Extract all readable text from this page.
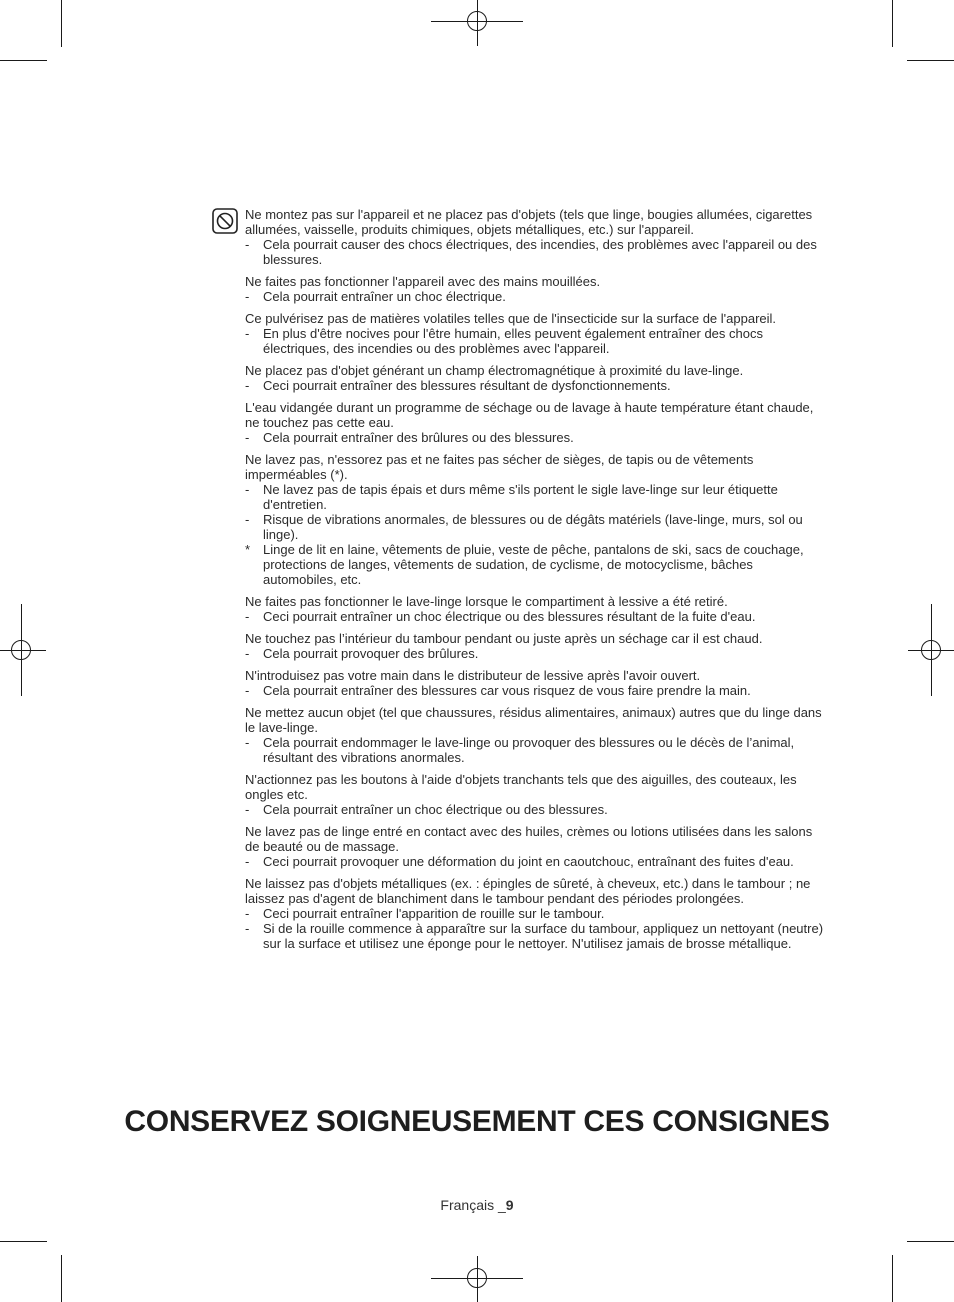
Ne montez pas sur l'appareil et ne placez pas d'objets (tels que linge, bougies allumées, cigarettes allumées, vaisselle, produits chimiques, objets métalliques, etc.) sur l'appareil.
-	Cela pourrait causer des chocs électriques, des incendies, des problèmes avec l'appareil ou des blessures.
Ne faites pas fonctionner l'appareil avec des mains mouillées.
-	Cela pourrait entraîner un choc électrique.
Ce pulvérisez pas de matières volatiles telles que de l'insecticide sur la surface de l'appareil.
-	En plus d'être nocives pour l'être humain, elles peuvent également entraîner des chocs électriques, des incendies ou des problèmes avec l'appareil.
Ne placez pas d'objet générant un champ électromagnétique à proximité du lave-linge.
-	Ceci pourrait entraîner des blessures résultant de dysfonctionnements.
L'eau vidangée durant un programme de séchage ou de lavage à haute température étant chaude, ne touchez pas cette eau.
-	Cela pourrait entraîner des brûlures ou des blessures.
Ne lavez pas, n'essorez pas et ne faites pas sécher de sièges, de tapis ou de vêtements imperméables (*).
-	Ne lavez pas de tapis épais et durs même s'ils portent le sigle lave-linge sur leur étiquette d'entretien.
-	Risque de vibrations anormales, de blessures ou de dégâts matériels (lave-linge, murs, sol ou linge).
* Linge de lit en laine, vêtements de pluie, veste de pêche, pantalons de ski, sacs de couchage, protections de langes, vêtements de sudation, de cyclisme, de motocyclisme, bâches automobiles, etc.
Ne faites pas fonctionner le lave-linge lorsque le compartiment à lessive a été retiré.
-	Ceci pourrait entraîner un choc électrique ou des blessures résultant de la fuite d'eau.
Ne touchez pas l’intérieur du tambour pendant ou juste après un séchage car il est chaud.
-	Cela pourrait provoquer des brûlures.
N'introduisez pas votre main dans le distributeur de lessive après l'avoir ouvert.
-	Cela pourrait entraîner des blessures car vous risquez de vous faire prendre la main.
Ne mettez aucun objet (tel que chaussures, résidus alimentaires, animaux) autres que du linge dans le lave-linge.
-	Cela pourrait endommager le lave-linge ou provoquer des blessures ou le décès de l’animal, résultant des vibrations anormales.
N'actionnez pas les boutons à l'aide d'objets tranchants tels que des aiguilles, des couteaux, les ongles etc.
-	Cela pourrait entraîner un choc électrique ou des blessures.
Ne lavez pas de linge entré en contact avec des huiles, crèmes ou lotions utilisées dans les salons de beauté ou de massage.
-	Ceci pourrait provoquer une déformation du joint en caoutchouc, entraînant des fuites d'eau.
Ne laissez pas d'objets métalliques (ex. : épingles de sûreté, à cheveux, etc.) dans le tambour ; ne laissez pas d'agent de blanchiment dans le tambour pendant des périodes prolongées.
-	Ceci pourrait entraîner l'apparition de rouille sur le tambour.
-	Si de la rouille commence à apparaître sur la surface du tambour, appliquez un nettoyant (neutre) sur la surface et utilisez une éponge pour le nettoyer. N'utilisez jamais de brosse métallique.
CONSERVEZ SOIGNEUSEMENT CES CONSIGNES
Français _9
